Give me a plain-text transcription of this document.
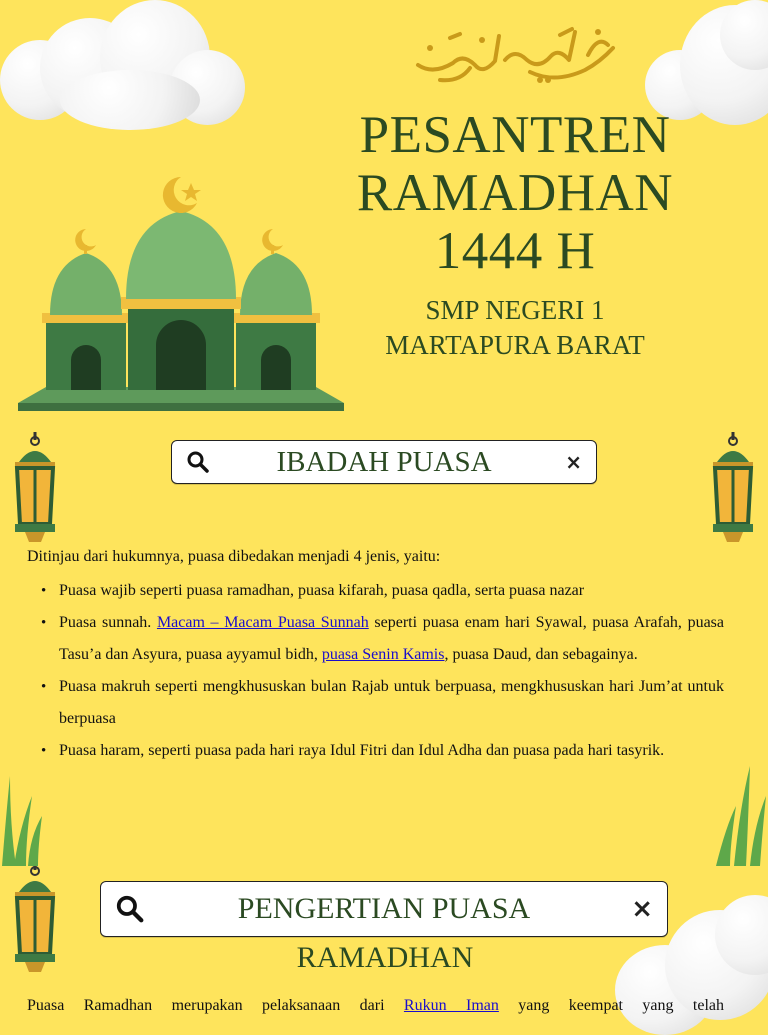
PESANTREN
RAMADHAN
1444 H
SMP NEGERI 1
MARTAPURA BARAT
IBADAH PUASA	×
Ditinjau dari hukumnya, puasa dibedakan menjadi 4 jenis, yaitu:
• Puasa wajib seperti puasa ramadhan, puasa kifarah, puasa qadla, serta puasa nazar
• Puasa sunnah. Macam – Macam Puasa Sunnah seperti puasa enam hari Syawal, puasa Arafah, puasa Tasu’a dan Asyura, puasa ayyamul bidh, puasa Senin Kamis, puasa Daud, dan sebagainya.
• Puasa makruh seperti mengkhususkan bulan Rajab untuk berpuasa, mengkhususkan hari Jum’at untuk berpuasa
• Puasa haram, seperti puasa pada hari raya Idul Fitri dan Idul Adha dan puasa pada hari tasyrik.
PENGERTIAN PUASA	×
RAMADHAN
Puasa Ramadhan merupakan pelaksanaan dari Rukun Iman yang keempat yang telah
